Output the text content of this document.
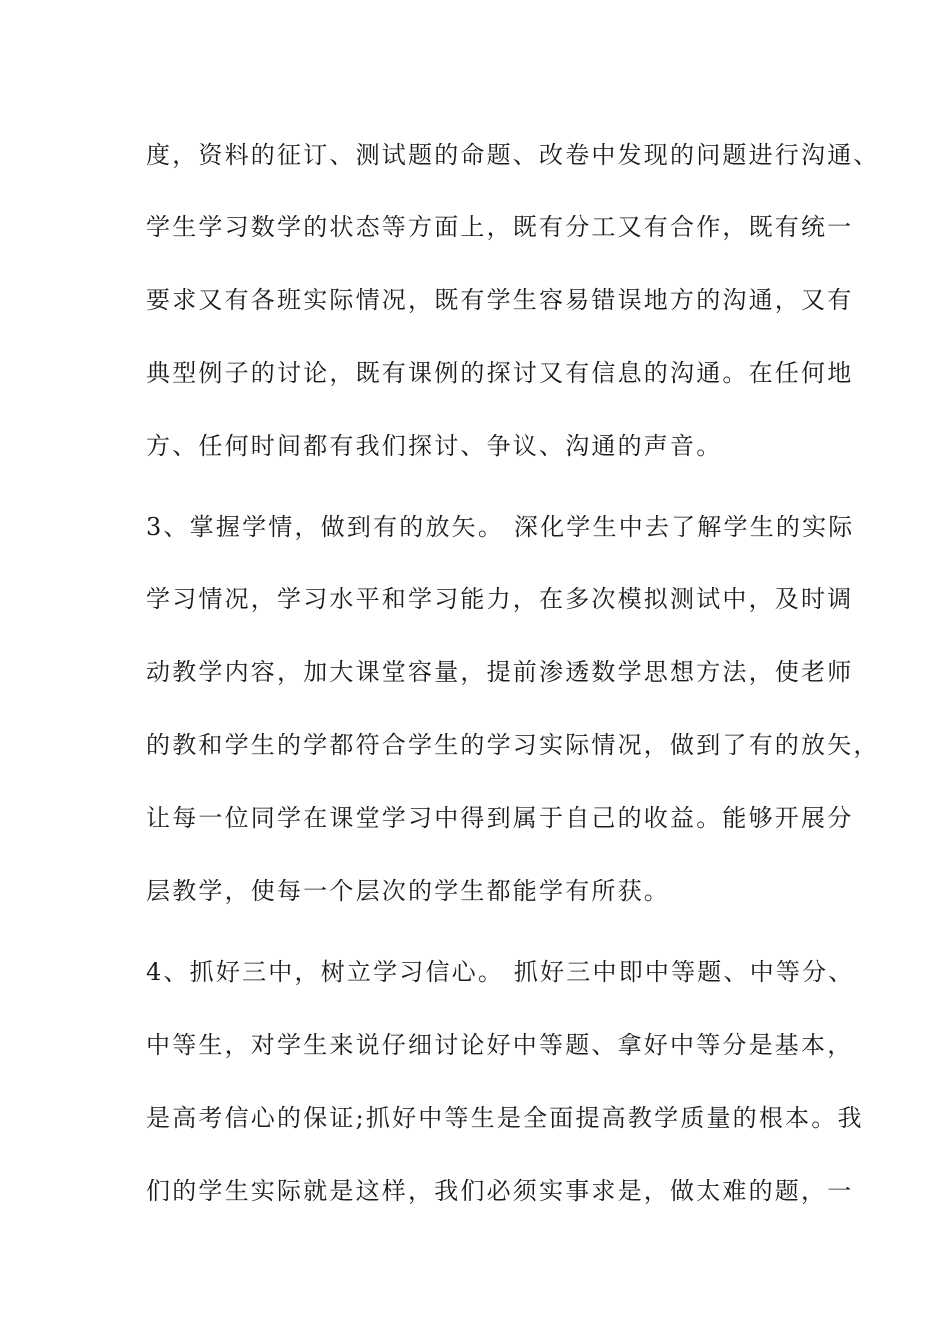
度，资料的征订、测试题的命题、改卷中发现的问题进行沟通、

学生学习数学的状态等方面上，既有分工又有合作，既有统一

要求又有各班实际情况，既有学生容易错误地方的沟通，又有

典型例子的讨论，既有课例的探讨又有信息的沟通。在任何地

方、任何时间都有我们探讨、争议、沟通的声音。

3、掌握学情，做到有的放矢。 深化学生中去了解学生的实际

学习情况，学习水平和学习能力，在多次模拟测试中，及时调

动教学内容，加大课堂容量，提前渗透数学思想方法，使老师

的教和学生的学都符合学生的学习实际情况，做到了有的放矢，

让每一位同学在课堂学习中得到属于自己的收益。能够开展分

层教学，使每一个层次的学生都能学有所获。

4、抓好三中，树立学习信心。 抓好三中即中等题、中等分、

中等生，对学生来说仔细讨论好中等题、拿好中等分是基本，

是高考信心的保证;抓好中等生是全面提高教学质量的根本。我

们的学生实际就是这样，我们必须实事求是，做太难的题，一
